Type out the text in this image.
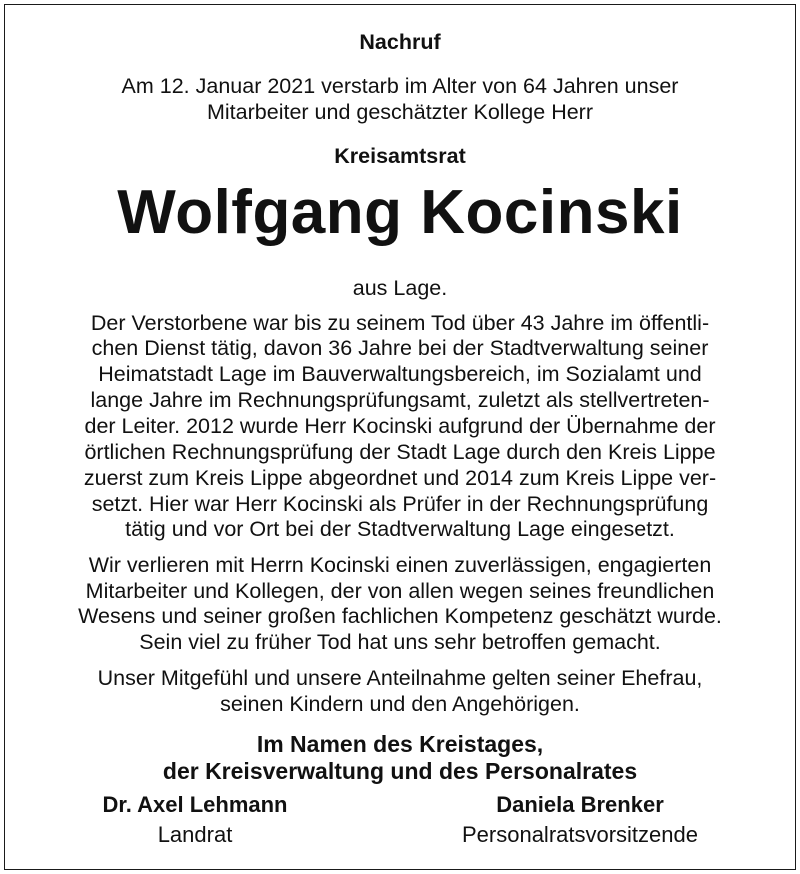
Nachruf
Am 12. Januar 2021 verstarb im Alter von 64 Jahren unser
Mitarbeiter und geschätzter Kollege Herr
Kreisamtsrat
Wolfgang Kocinski
aus Lage.
Der Verstorbene war bis zu seinem Tod über 43 Jahre im öffentli-
chen Dienst tätig, davon 36 Jahre bei der Stadtverwaltung seiner
Heimatstadt Lage im Bauverwaltungsbereich, im Sozialamt und
lange Jahre im Rechnungsprüfungsamt, zuletzt als stellvertreten-
der Leiter. 2012 wurde Herr Kocinski aufgrund der Übernahme der
örtlichen Rechnungsprüfung der Stadt Lage durch den Kreis Lippe
zuerst zum Kreis Lippe abgeordnet und 2014 zum Kreis Lippe ver-
setzt. Hier war Herr Kocinski als Prüfer in der Rechnungsprüfung
tätig und vor Ort bei der Stadtverwaltung Lage eingesetzt.
Wir verlieren mit Herrn Kocinski einen zuverlässigen, engagierten
Mitarbeiter und Kollegen, der von allen wegen seines freundlichen
Wesens und seiner großen fachlichen Kompetenz geschätzt wurde.
Sein viel zu früher Tod hat uns sehr betroffen gemacht.
Unser Mitgefühl und unsere Anteilnahme gelten seiner Ehefrau,
seinen Kindern und den Angehörigen.
Im Namen des Kreistages,
der Kreisverwaltung und des Personalrates
Dr. Axel Lehmann
Landrat
Daniela Brenker
Personalratsvorsitzende
